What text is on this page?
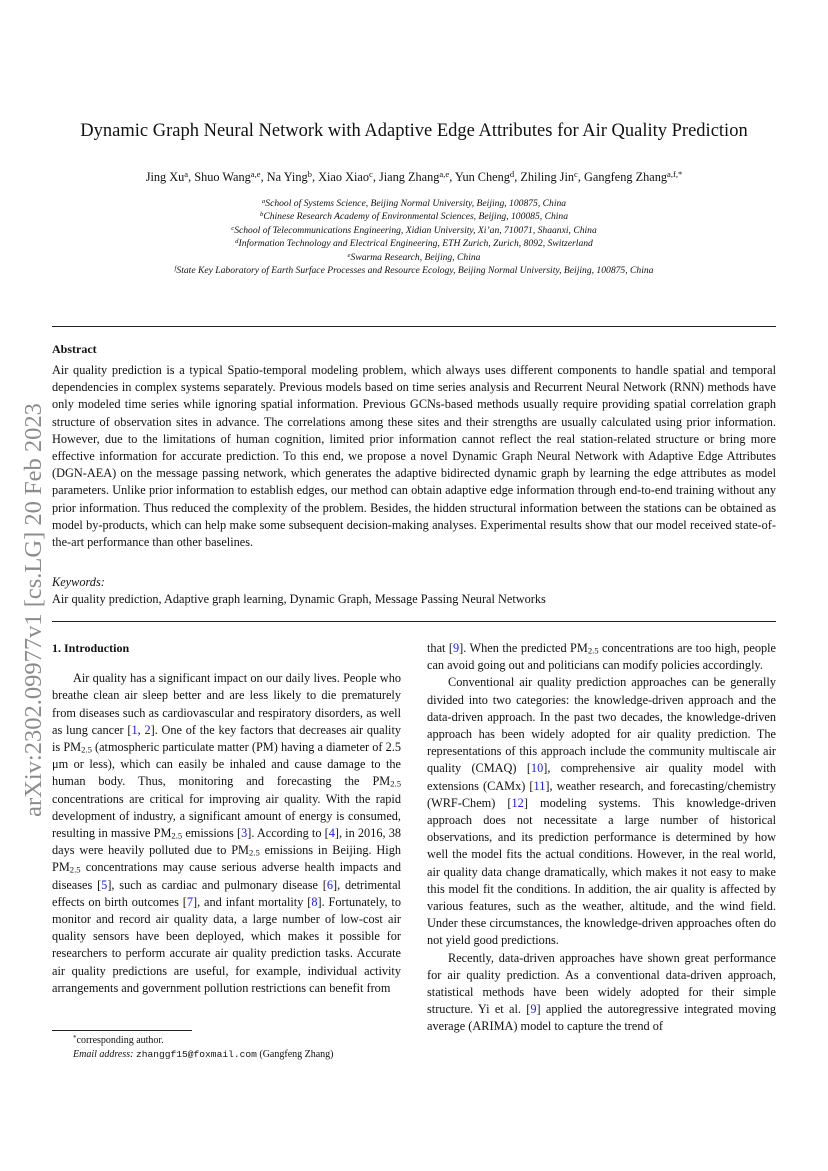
arXiv:2302.09977v1 [cs.LG] 20 Feb 2023
Dynamic Graph Neural Network with Adaptive Edge Attributes for Air Quality Prediction
Jing Xu$^a$, Shuo Wang$^{a,e}$, Na Ying$^b$, Xiao Xiao$^c$, Jiang Zhang$^{a,e}$, Yun Cheng$^d$, Zhiling Jin$^c$, Gangfeng Zhang$^{a,f,*}$
$^a$School of Systems Science, Beijing Normal University, Beijing, 100875, China
$^b$Chinese Research Academy of Environmental Sciences, Beijing, 100085, China
$^c$School of Telecommunications Engineering, Xidian University, Xi’an, 710071, Shaanxi, China
$^d$Information Technology and Electrical Engineering, ETH Zurich, Zurich, 8092, Switzerland
$^e$Swarma Research, Beijing, China
$^f$State Key Laboratory of Earth Surface Processes and Resource Ecology, Beijing Normal University, Beijing, 100875, China
Abstract
Air quality prediction is a typical Spatio-temporal modeling problem, which always uses different components to handle spatial and temporal dependencies in complex systems separately. Previous models based on time series analysis and Recurrent Neural Network (RNN) methods have only modeled time series while ignoring spatial information. Previous GCNs-based methods usually require providing spatial correlation graph structure of observation sites in advance. The correlations among these sites and their strengths are usually calculated using prior information. However, due to the limitations of human cognition, limited prior information cannot reflect the real station-related structure or bring more effective information for accurate prediction. To this end, we propose a novel Dynamic Graph Neural Network with Adaptive Edge Attributes (DGN-AEA) on the message passing network, which generates the adaptive bidirected dynamic graph by learning the edge attributes as model parameters. Unlike prior information to establish edges, our method can obtain adaptive edge information through end-to-end training without any prior information. Thus reduced the complexity of the problem. Besides, the hidden structural information between the stations can be obtained as model by-products, which can help make some subsequent decision-making analyses. Experimental results show that our model received state-of-the-art performance than other baselines.
Keywords:
Air quality prediction, Adaptive graph learning, Dynamic Graph, Message Passing Neural Networks
1. Introduction

Air quality has a significant impact on our daily lives. People who breathe clean air sleep better and are less likely to die prematurely from diseases such as cardiovascular and respiratory disorders, as well as lung cancer [1, 2]. One of the key factors that decreases air quality is $PM_{2.5}$ (atmospheric particulate matter (PM) having a diameter of 2.5 μm or less), which can easily be inhaled and cause damage to the human body. Thus, monitoring and forecasting the $PM_{2.5}$ concentrations are critical for improving air quality. With the rapid development of industry, a significant amount of energy is consumed, resulting in massive $PM_{2.5}$ emissions [3]. According to [4], in 2016, 38 days were heavily polluted due to $PM_{2.5}$ emissions in Beijing. High $PM_{2.5}$ concentrations may cause serious adverse health impacts and diseases [5], such as cardiac and pulmonary disease [6], detrimental effects on birth outcomes [7], and infant mortality [8]. Fortunately, to monitor and record air quality data, a large number of low-cost air quality sensors have been deployed, which makes it possible for researchers to perform accurate air quality prediction tasks. Accurate air quality predictions are useful, for example, individual activity arrangements and government pollution restrictions can benefit from

that [9]. When the predicted $PM_{2.5}$ concentrations are too high, people can avoid going out and politicians can modify policies accordingly.

Conventional air quality prediction approaches can be generally divided into two categories: the knowledge-driven approach and the data-driven approach. In the past two decades, the knowledge-driven approach has been widely adopted for air quality prediction. The representations of this approach include the community multiscale air quality (CMAQ) [10], comprehensive air quality model with extensions (CAMx) [11], weather research, and forecasting/chemistry (WRF-Chem) [12] modeling systems. This knowledge-driven approach does not necessitate a large number of historical observations, and its prediction performance is determined by how well the model fits the actual conditions. However, in the real world, air quality data change dramatically, which makes it not easy to make this model fit the conditions. In addition, the air quality is affected by various features, such as the weather, altitude, and the wind field. Under these circumstances, the knowledge-driven approaches often do not yield good predictions.

Recently, data-driven approaches have shown great performance for air quality prediction. As a conventional data-driven approach, statistical methods have been widely adopted for their simple structure. Yi et al. [9] applied the autoregressive integrated moving average (ARIMA) model to capture the trend of

*corresponding author.
Email address: zhanggf15@foxmail.com (Gangfeng Zhang)
